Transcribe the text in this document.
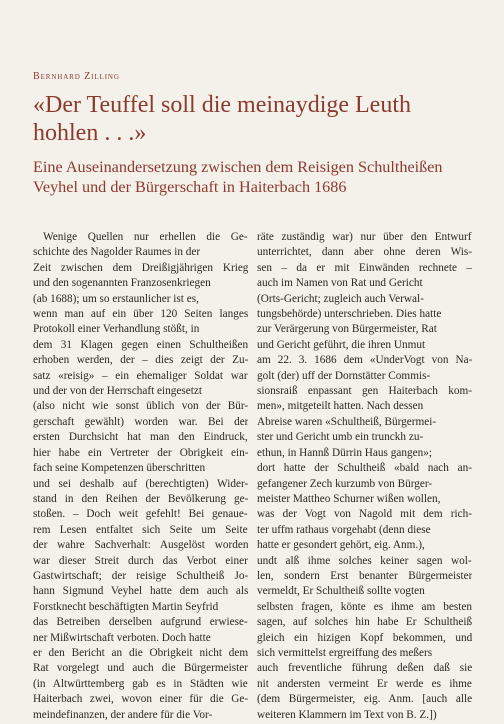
Bernhard Zilling
«Der Teuffel soll die meinaydige Leuth hohlen . . .»
Eine Auseinandersetzung zwischen dem Reisigen Schultheißen Veyhel und der Bürgerschaft in Haiterbach 1686
Wenige Quellen nur erhellen die Ge-
schichte des Nagolder Raumes in der
Zeit zwischen dem Dreißigjährigen Krieg
und den sogenannten Franzosenkriegen
(ab 1688); um so erstaunlicher ist es,
wenn man auf ein über 120 Seiten langes
Protokoll einer Verhandlung stößt, in
dem 31 Klagen gegen einen Schultheißen
erhoben werden, der – dies zeigt der Zu-
satz «reisig» – ein ehemaliger Soldat war
und der von der Herrschaft eingesetzt
(also nicht wie sonst üblich von der Bür-
gerschaft gewählt) worden war. Bei der
ersten Durchsicht hat man den Eindruck,
hier habe ein Vertreter der Obrigkeit ein-
fach seine Kompetenzen überschritten
und sei deshalb auf (berechtigten) Wider-
stand in den Reihen der Bevölkerung ge-
stoßen. – Doch weit gefehlt! Bei genaue-
rem Lesen entfaltet sich Seite um Seite
der wahre Sachverhalt: Ausgelöst worden
war dieser Streit durch das Verbot einer
Gastwirtschaft; der reisige Schultheiß Jo-
hann Sigmund Veyhel hatte dem auch als
Forstknecht beschäftigten Martin Seyfrid
das Betreiben derselben aufgrund erwiese-
ner Mißwirtschaft verboten. Doch hatte
er den Bericht an die Obrigkeit nicht dem
Rat vorgelegt und auch die Bürgermeister
(in Altwürttemberg gab es in Städten wie
Haiterbach zwei, wovon einer für die Ge-
meindefinanzen, der andere für die Vor-
räte zuständig war) nur über den Entwurf
unterrichtet, dann aber ohne deren Wis-
sen – da er mit Einwänden rechnete –
auch im Namen von Rat und Gericht
(Orts-Gericht; zugleich auch Verwal-
tungsbehörde) unterschrieben. Dies hatte
zur Verärgerung von Bürgermeister, Rat
und Gericht geführt, die ihren Unmut
am 22. 3. 1686 dem «UnderVogt von Na-
golt (der) uff der Dornstätter Commis-
sionsraiß enpassant gen Haiterbach kom-
men», mitgeteilt hatten. Nach dessen
Abreise waren «Schultheiß, Bürgermei-
ster und Gericht umb ein trunckh zu-
ethun, in Hannß Dürrin Haus gangen»;
dort hatte der Schultheiß «bald nach an-
gefangener Zech kurzumb von Bürger-
meister Mattheo Schurner wißen wollen,
was der Vogt von Nagold mit dem rich-
ter uffm rathaus vorgehabt (denn diese
hatte er gesondert gehört, eig. Anm.),
undt alß ihme solches keiner sagen wol-
len, sondern Erst benanter Bürgermeister
vermeldt, Er Schultheiß sollte vogten
selbsten fragen, könte es ihme am besten
sagen, auf solches hin habe Er Schultheiß
gleich ein hizigen Kopf bekommen, und
sich vermittelst ergreiffung des meßers
auch freventliche führung deßen daß sie
nit andersten vermeint Er werde es ihme
(dem Bürgermeister, eig. Anm. [auch alle
weiteren Klammern im Text von B. Z.])
